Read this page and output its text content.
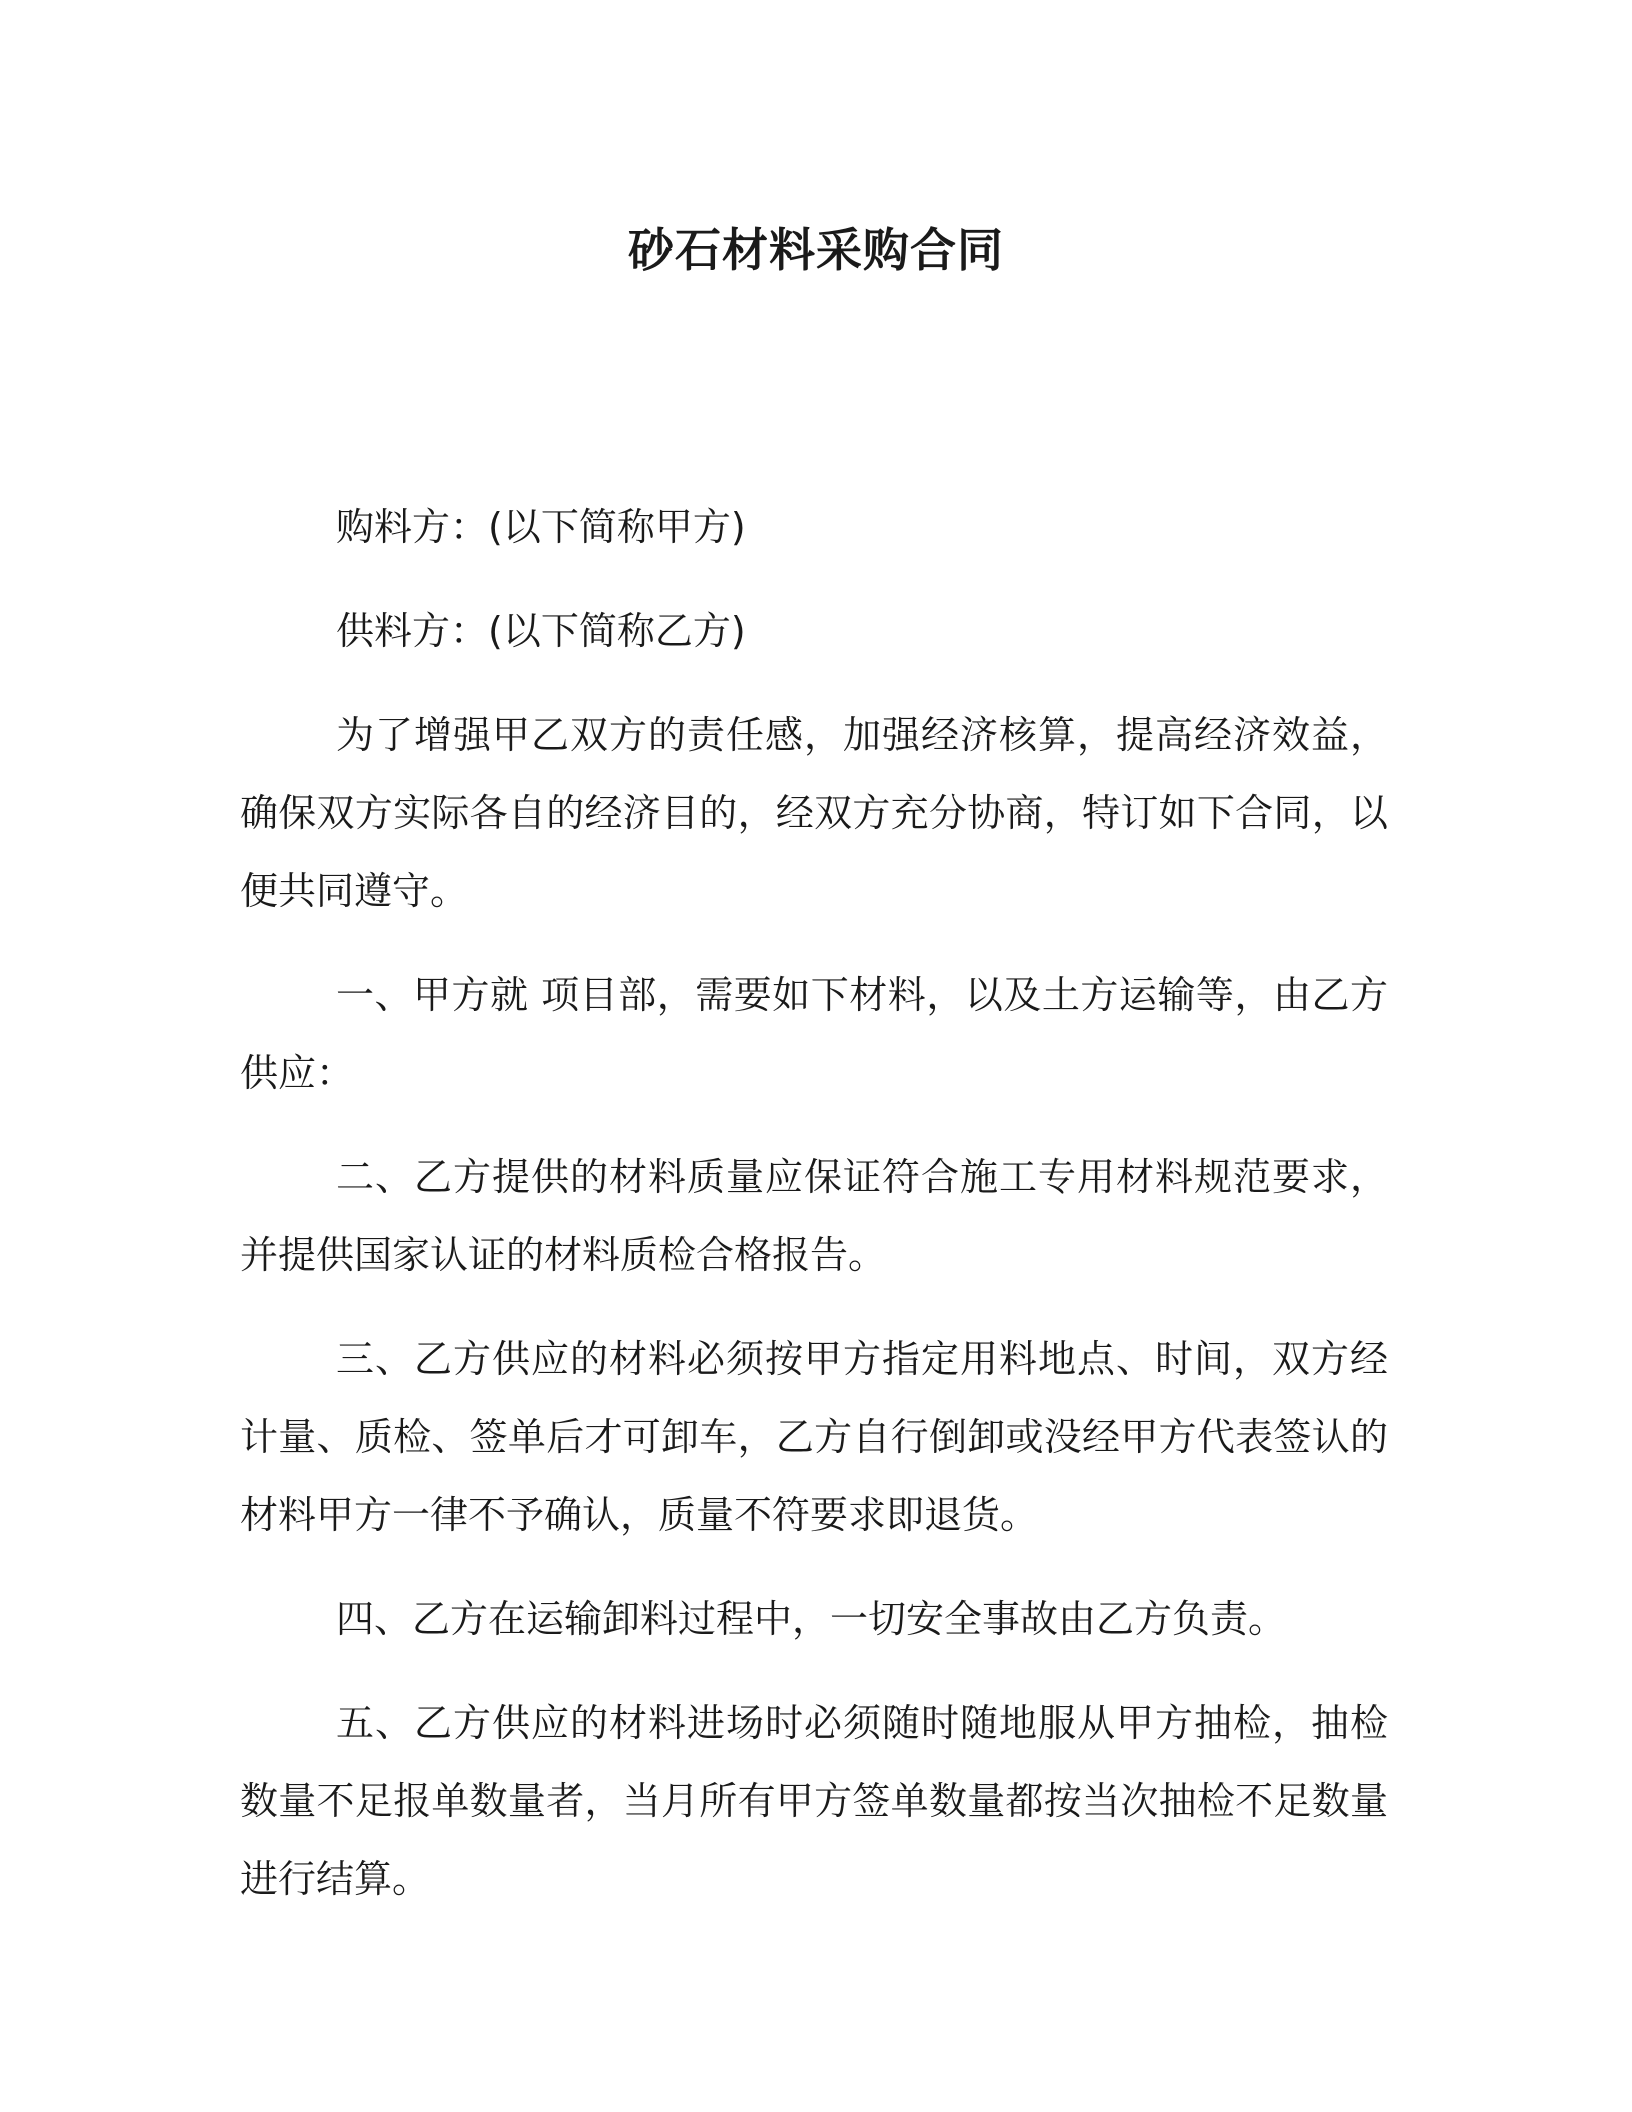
砂石材料采购合同

购料方：(以下简称甲方)

供料方：(以下简称乙方)

为了增强甲乙双方的责任感，加强经济核算，提高经济效益，确保双方实际各自的经济目的，经双方充分协商，特订如下合同，以便共同遵守。

一、甲方就 项目部，需要如下材料，以及土方运输等，由乙方供应：

二、乙方提供的材料质量应保证符合施工专用材料规范要求，并提供国家认证的材料质检合格报告。

三、乙方供应的材料必须按甲方指定用料地点、时间，双方经计量、质检、签单后才可卸车，乙方自行倒卸或没经甲方代表签认的材料甲方一律不予确认，质量不符要求即退货。

四、乙方在运输卸料过程中，一切安全事故由乙方负责。

五、乙方供应的材料进场时必须随时随地服从甲方抽检，抽检数量不足报单数量者，当月所有甲方签单数量都按当次抽检不足数量进行结算。
